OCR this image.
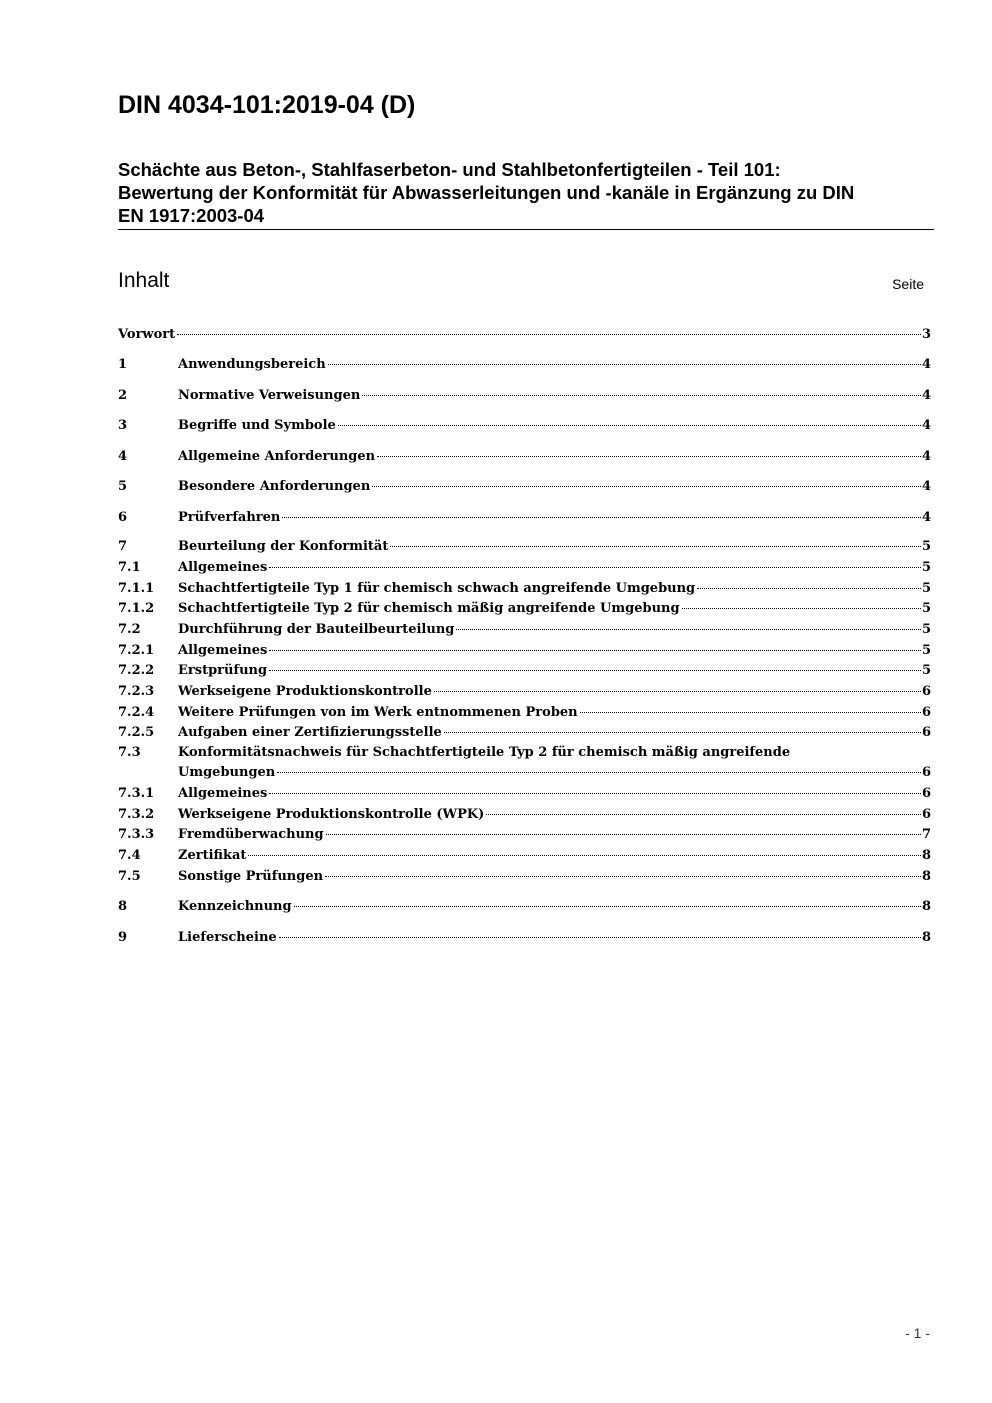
DIN 4034-101:2019-04 (D)
Schächte aus Beton-, Stahlfaserbeton- und Stahlbetonfertigteilen - Teil 101:
Bewertung der Konformität für Abwasserleitungen und -kanäle in Ergänzung zu DIN
EN 1917:2003-04
Inhalt	Seite
Vorwort	3
1	Anwendungsbereich	4
2	Normative Verweisungen	4
3	Begriffe und Symbole	4
4	Allgemeine Anforderungen	4
5	Besondere Anforderungen	4
6	Prüfverfahren	4
7	Beurteilung der Konformität	5
7.1	Allgemeines	5
7.1.1 Schachtfertigteile Typ 1 für chemisch schwach angreifende Umgebung	5
7.1.2 Schachtfertigteile Typ 2 für chemisch mäßig angreifende Umgebung	5
7.2	Durchführung der Bauteilbeurteilung	5
7.2.1 Allgemeines	5
7.2.2 Erstprüfung	5
7.2.3 Werkseigene Produktionskontrolle	6
7.2.4 Weitere Prüfungen von im Werk entnommenen Proben	6
7.2.5 Aufgaben einer Zertifizierungsstelle	6
7.3	Konformitätsnachweis für Schachtfertigteile Typ 2 für chemisch mäßig angreifende
Umgebungen	6
7.3.1 Allgemeines	6
7.3.2 Werkseigene Produktionskontrolle (WPK)	6
7.3.3 Fremdüberwachung	7
7.4	Zertifikat	8
7.5	Sonstige Prüfungen	8
8	Kennzeichnung	8
9	Lieferscheine	8
- 1 -
